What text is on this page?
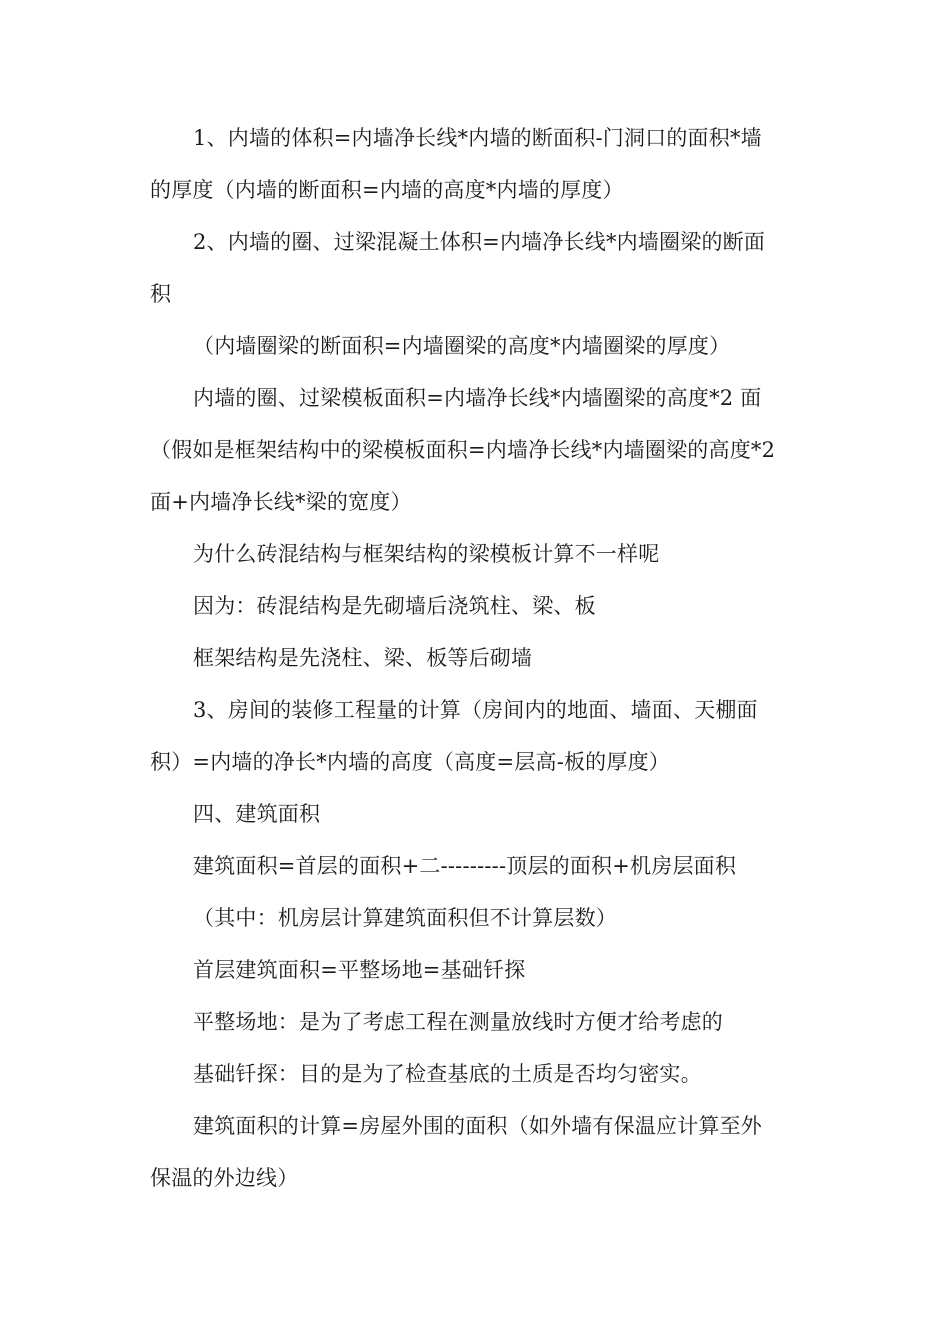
1、内墙的体积=内墙净长线*内墙的断面积-门洞口的面积*墙
的厚度（内墙的断面积=内墙的高度*内墙的厚度）
2、内墙的圈、过梁混凝土体积=内墙净长线*内墙圈梁的断面
积
（内墙圈梁的断面积=内墙圈梁的高度*内墙圈梁的厚度）
内墙的圈、过梁模板面积=内墙净长线*内墙圈梁的高度*2 面
（假如是框架结构中的梁模板面积=内墙净长线*内墙圈梁的高度*2
面+内墙净长线*梁的宽度）
为什么砖混结构与框架结构的梁模板计算不一样呢
因为：砖混结构是先砌墙后浇筑柱、梁、板
框架结构是先浇柱、梁、板等后砌墙
3、房间的装修工程量的计算（房间内的地面、墙面、天棚面
积）=内墙的净长*内墙的高度（高度=层高-板的厚度）
四、建筑面积
建筑面积=首层的面积+二---------顶层的面积+机房层面积
（其中：机房层计算建筑面积但不计算层数）
首层建筑面积=平整场地=基础钎探
平整场地：是为了考虑工程在测量放线时方便才给考虑的
基础钎探：目的是为了检查基底的土质是否均匀密实。
建筑面积的计算=房屋外围的面积（如外墙有保温应计算至外
保温的外边线）
